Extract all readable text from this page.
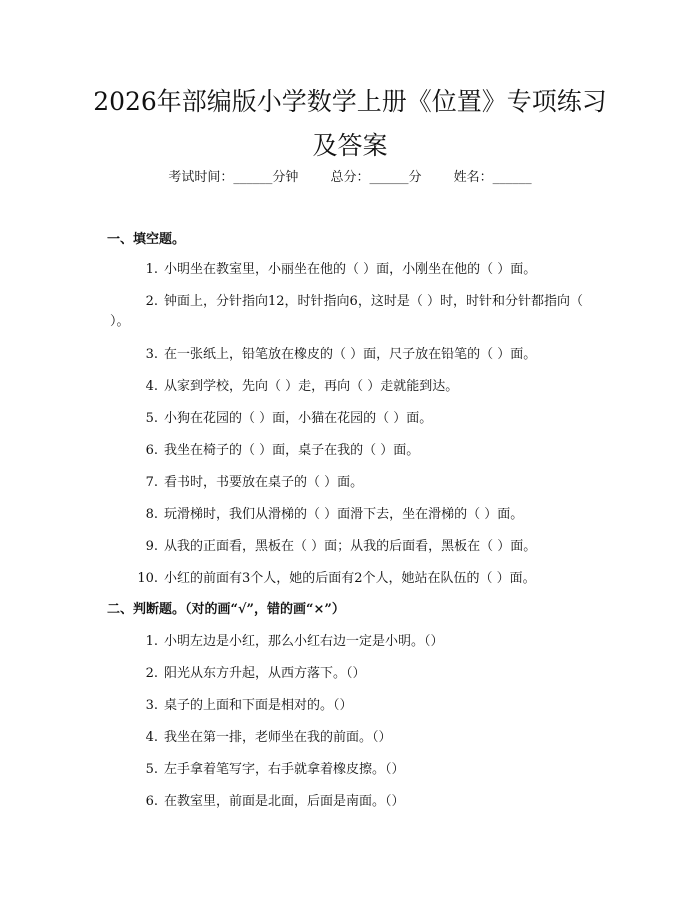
2026年部编版小学数学上册《位置》专项练习及答案
考试时间：______分钟 总分：______分 姓名：______
一、填空题。

1. 小明坐在教室里，小丽坐在他的（ ）面，小刚坐在他的（ ）面。

2. 钟面上，分针指向12，时针指向6，这时是（ ）时，时针和分针都指向（ ）。

3. 在一张纸上，铅笔放在橡皮的（ ）面，尺子放在铅笔的（ ）面。

4. 从家到学校，先向（ ）走，再向（ ）走就能到达。

5. 小狗在花园的（ ）面，小猫在花园的（ ）面。

6. 我坐在椅子的（ ）面，桌子在我的（ ）面。

7. 看书时，书要放在桌子的（ ）面。

8. 玩滑梯时，我们从滑梯的（ ）面滑下去，坐在滑梯的（ ）面。

9. 从我的正面看，黑板在（ ）面；从我的后面看，黑板在（ ）面。

10. 小红的前面有3个人，她的后面有2个人，她站在队伍的（ ）面。

二、判断题。（对的画“√”，错的画“×”）

1. 小明左边是小红，那么小红右边一定是小明。（）

2. 阳光从东方升起，从西方落下。（）

3. 桌子的上面和下面是相对的。（）

4. 我坐在第一排，老师坐在我的前面。（）

5. 左手拿着笔写字，右手就拿着橡皮擦。（）

6. 在教室里，前面是北面，后面是南面。（）
